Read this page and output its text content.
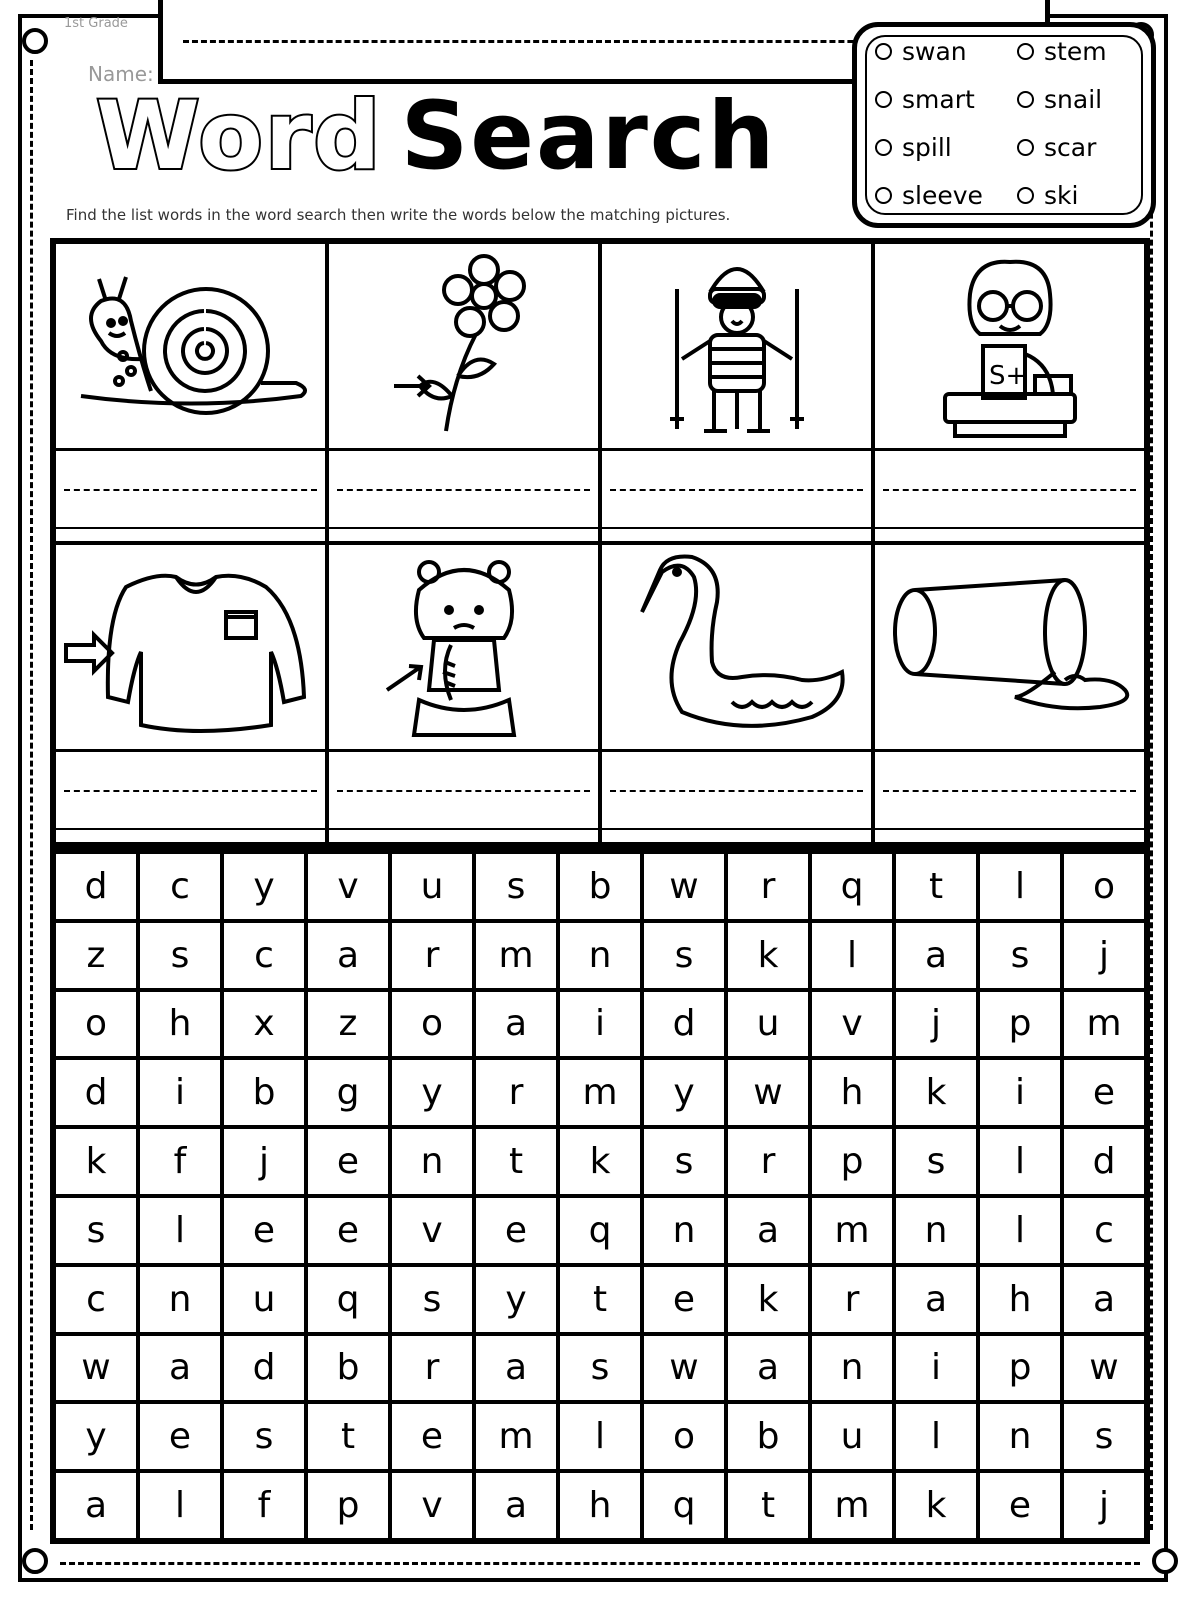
1st Grade
Name:
Word Search
Find the list words in the word search then write the words below the matching pictures.
swan	stem
smart	snail
spill	scar
sleeve ski
S+
d	c	y	v	u	s	b	w	r	q	t	l	o
z	s	c	a	r	m	n	s	k	l	a	s	j
o	h	x	z	o	a	i	d	u	v	j	p	m
d	i	b	g	y	r	m	y	w	h	k	i	e
k	f	j	e	n	t	k	s	r	p	s	l	d
s	l	e	e	v	e	q	n	a	m	n	l	c
c	n	u	q	s	y	t	e	k	r	a	h	a
w	a	d	b	r	a	s	w	a	n	i	p	w
y	e	s	t	e	m	l	o	b	u	l	n	s
a	l	f	p	v	a	h	q	t	m	k	e	j
